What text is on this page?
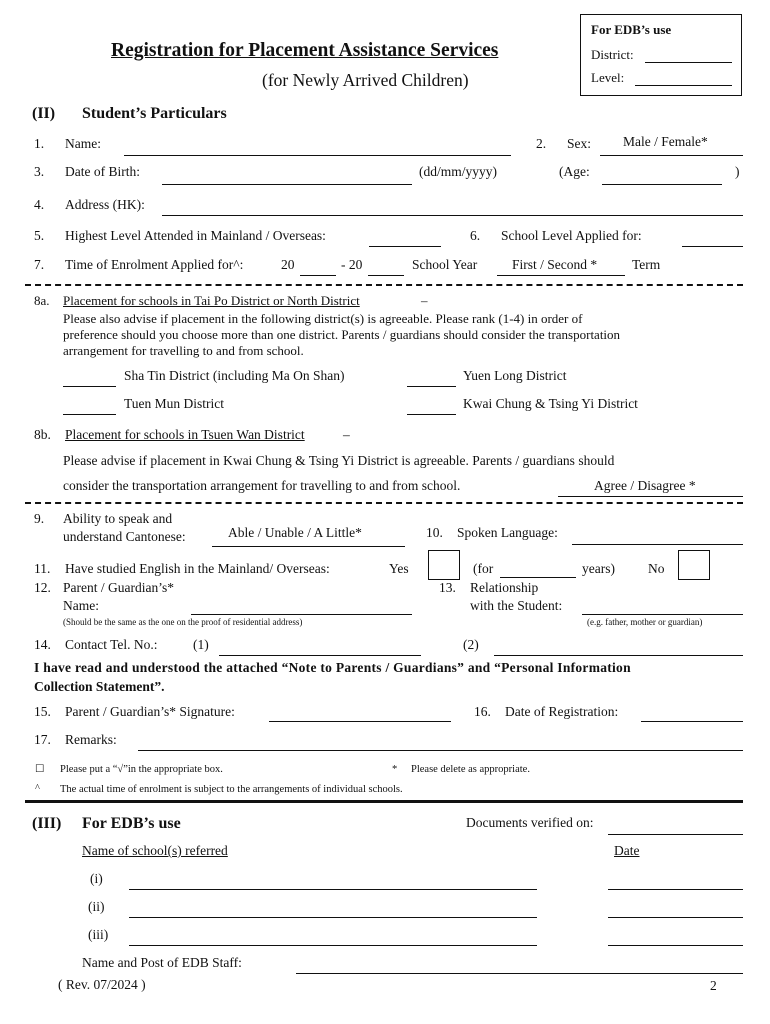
For EDB’s use
District:
Level:
Registration for Placement Assistance Services
(for Newly Arrived Children)
(II) Student’s Particulars
1. Name:	2. Sex: Male / Female*
3. Date of Birth:	(dd/mm/yyyy)	(Age:	)
4. Address (HK):
5. Highest Level Attended in Mainland / Overseas:	6. School Level Applied for:
7. Time of Enrolment Applied for^:	20	- 20	School Year	First / Second *	Term
8a. Placement for schools in Tai Po District or North District	–
Please also advise if placement in the following district(s) is agreeable. Please rank (1-4) in order of
preference should you choose more than one district. Parents / guardians should consider the transportation
arrangement for travelling to and from school.
Sha Tin District (including Ma On Shan)	Yuen Long District
Tuen Mun District	Kwai Chung & Tsing Yi District
8b. Placement for schools in Tsuen Wan District	–
Please advise if placement in Kwai Chung & Tsing Yi District is agreeable. Parents / guardians should
consider the transportation arrangement for travelling to and from school.	Agree / Disagree *
9. Ability to speak and
understand Cantonese:	Able / Unable / A Little*	10. Spoken Language:
11. Have studied English in the Mainland/ Overseas:	Yes	(for	years) No
12. Parent / Guardian’s*
Name:
(Should be the same as the one on the proof of residential address)
13. Relationship
with the Student:
(e.g. father, mother or guardian)
14. Contact Tel. No.:	(1)	(2)
I have read and understood the attached “Note to Parents / Guardians” and “Personal Information
Collection Statement”.
15. Parent / Guardian’s* Signature:	16. Date of Registration:
17. Remarks:
☐ Please put a “√”in the appropriate box.	* Please delete as appropriate.
^ The actual time of enrolment is subject to the arrangements of individual schools.
(III) For EDB’s use	Documents verified on:
Name of school(s) referred	Date
(i)
(ii)
(iii)
Name and Post of EDB Staff:
( Rev. 07/2024 )	2
